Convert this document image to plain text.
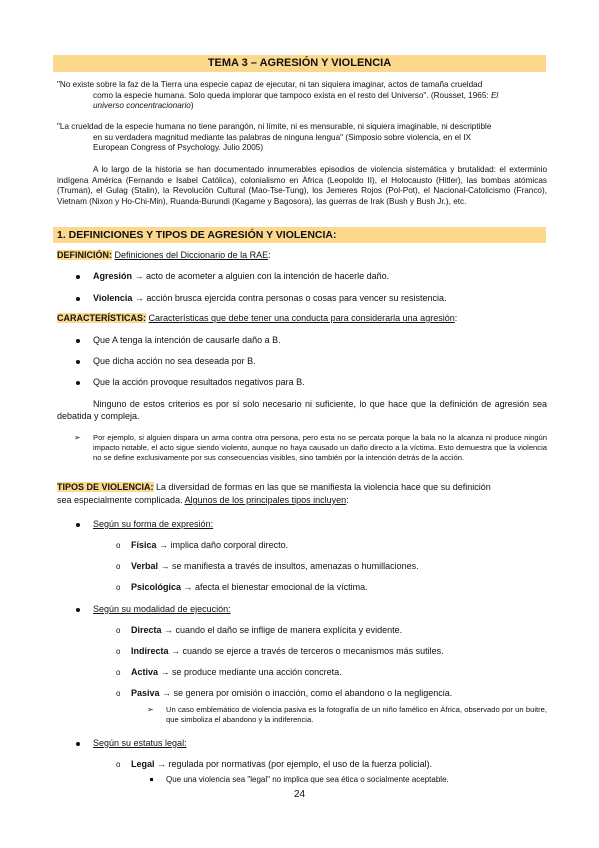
TEMA 3 – AGRESIÓN Y VIOLENCIA
"No existe sobre la faz de la Tierra una especie capaz de ejecutar, ni tan siquiera imaginar, actos de tamaña crueldad
como la especie humana. Solo queda implorar que tampoco exista en el resto del Universo". (Rousset, 1965: El
universo concentracionario)
"La crueldad de la especie humana no tiene parangón, ni límite, ni es mensurable, ni siquiera imaginable, ni descriptible
en su verdadera magnitud mediante las palabras de ninguna lengua" (Simposio sobre violencia, en el IX
European Congress of Psychology. Julio 2005)
A lo largo de la historia se han documentado innumerables episodios de violencia sistemática y brutalidad: el exterminio indígena América (Fernando e Isabel Católica), colonialismo en África (Leopoldo II), el Holocausto (Hitler), las bombas atómicas (Truman), el Gulag (Stalin), la Revolución Cultural (Mao-Tse-Tung), los Jemeres Rojos (Pol-Pot), el Nacional-Catolicismo (Franco), Vietnam (Nixon y Ho-Chi-Min), Ruanda-Burundi (Kagame y Bagosora), las guerras de Irak (Bush y Bush Jr.), etc.
1. DEFINICIONES Y TIPOS DE AGRESIÓN Y VIOLENCIA:
DEFINICIÓN: Definiciones del Diccionario de la RAE:
Agresión → acto de acometer a alguien con la intención de hacerle daño.
Violencia → acción brusca ejercida contra personas o cosas para vencer su resistencia.
CARACTERÍSTICAS: Características que debe tener una conducta para considerarla una agresión:
Que A tenga la intención de causarle daño a B.
Que dicha acción no sea deseada por B.
Que la acción provoque resultados negativos para B.
Ninguno de estos criterios es por sí solo necesario ni suficiente, lo que hace que la definición de agresión sea debatida y compleja.
➢ Por ejemplo, si alguien dispara un arma contra otra persona, pero esta no se percata porque la bala no la alcanza ni produce ningún impacto notable, el acto sigue siendo violento, aunque no haya causado un daño directo a la víctima. Esto demuestra que la violencia no se define exclusivamente por sus consecuencias visibles, sino también por la intención detrás de la acción.
TIPOS DE VIOLENCIA: La diversidad de formas en las que se manifiesta la violencia hace que su definición
sea especialmente complicada. Algunos de los principales tipos incluyen:
Según su forma de expresión:
o Física → implica daño corporal directo.
o Verbal → se manifiesta a través de insultos, amenazas o humillaciones.
o Psicológica → afecta el bienestar emocional de la víctima.
Según su modalidad de ejecución:
o Directa → cuando el daño se inflige de manera explícita y evidente.
o Indirecta → cuando se ejerce a través de terceros o mecanismos más sutiles.
o Activa → se produce mediante una acción concreta.
o Pasiva → se genera por omisión o inacción, como el abandono o la negligencia.
➢ Un caso emblemático de violencia pasiva es la fotografía de un niño famélico en África, observado por un buitre, que simboliza el abandono y la indiferencia.
Según su estatus legal:
o Legal → regulada por normativas (por ejemplo, el uso de la fuerza policial).
Que una violencia sea "legal" no implica que sea ética o socialmente aceptable.
24
